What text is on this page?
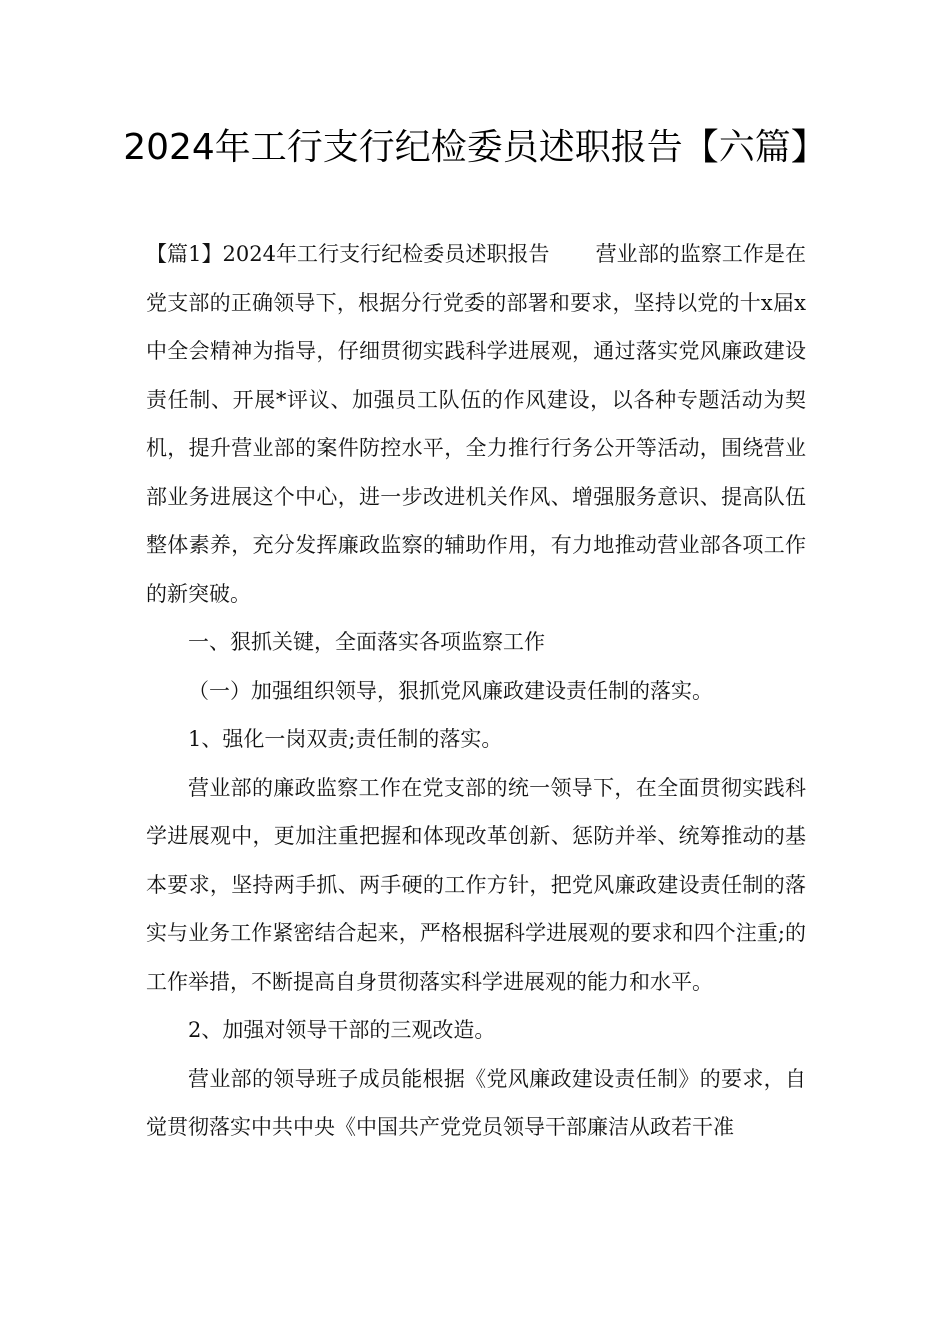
2024年工行支行纪检委员述职报告【六篇】

【篇1】2024年工行支行纪检委员述职报告 营业部的监察工作是在党支部的正确领导下，根据分行党委的部署和要求，坚持以党的十x届x中全会精神为指导，仔细贯彻实践科学进展观，通过落实党风廉政建设责任制、开展*评议、加强员工队伍的作风建设，以各种专题活动为契机，提升营业部的案件防控水平，全力推行行务公开等活动，围绕营业部业务进展这个中心，进一步改进机关作风、增强服务意识、提高队伍整体素养，充分发挥廉政监察的辅助作用，有力地推动营业部各项工作的新突破。

一、狠抓关键，全面落实各项监察工作

（一）加强组织领导，狠抓党风廉政建设责任制的落实。

1、强化一岗双责;责任制的落实。

营业部的廉政监察工作在党支部的统一领导下，在全面贯彻实践科学进展观中，更加注重把握和体现改革创新、惩防并举、统筹推动的基本要求，坚持两手抓、两手硬的工作方针，把党风廉政建设责任制的落实与业务工作紧密结合起来，严格根据科学进展观的要求和四个注重;的工作举措，不断提高自身贯彻落实科学进展观的能力和水平。

2、加强对领导干部的三观改造。

营业部的领导班子成员能根据《党风廉政建设责任制》的要求，自觉贯彻落实中共中央《中国共产党党员领导干部廉洁从政若干准
